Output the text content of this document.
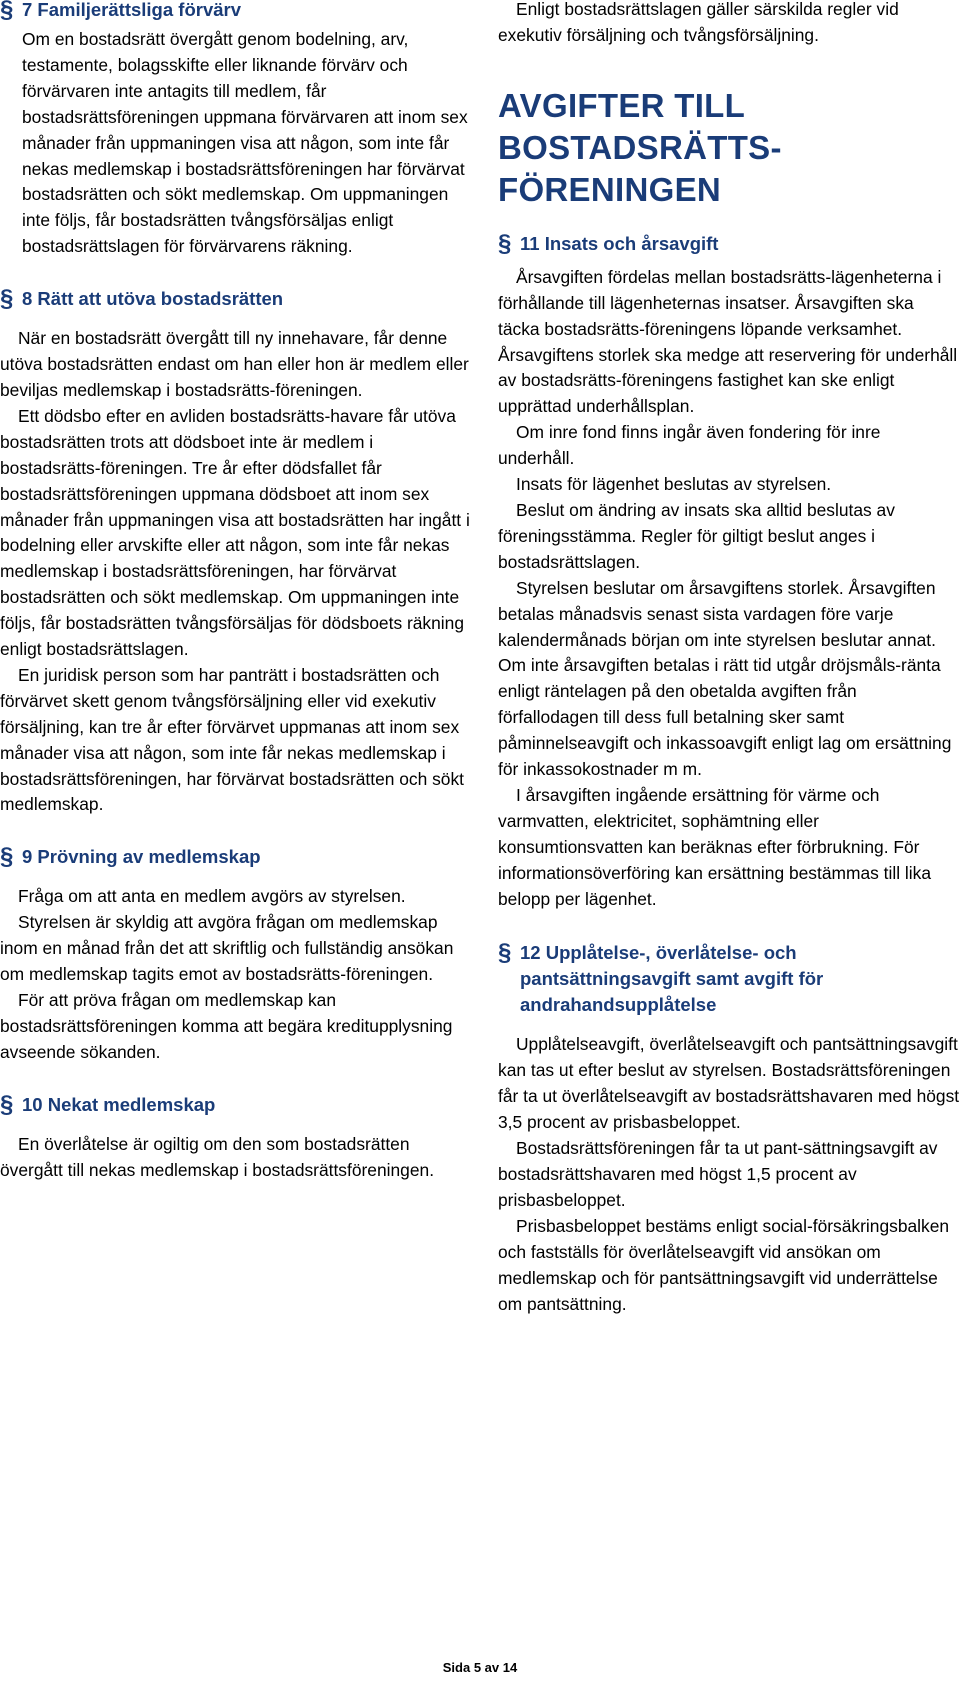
§ 7 Familjerättsliga förvärv

Om en bostadsrätt övergått genom bodelning, arv, testamente, bolagsskifte eller liknande förvärv och förvärvaren inte antagits till medlem, får bostadsrättsföreningen uppmana förvärvaren att inom sex månader från uppmaningen visa att någon, som inte får nekas medlemskap i bostadsrättsföreningen har förvärvat bostadsrätten och sökt medlemskap. Om uppmaningen inte följs, får bostadsrätten tvångsförsäljas enligt bostadsrättslagen för förvärvarens räkning.

§ 8 Rätt att utöva bostadsrätten

När en bostadsrätt övergått till ny innehavare, får denne utöva bostadsrätten endast om han eller hon är medlem eller beviljas medlemskap i bostadsrätts-föreningen.

Ett dödsbo efter en avliden bostadsrätts-havare får utöva bostadsrätten trots att dödsboet inte är medlem i bostadsrätts-föreningen. Tre år efter dödsfallet får bostadsrättsföreningen uppmana dödsboet att inom sex månader från uppmaningen visa att bostadsrätten har ingått i bodelning eller arvskifte eller att någon, som inte får nekas medlemskap i bostadsrättsföreningen, har förvärvat bostadsrätten och sökt medlemskap. Om uppmaningen inte följs, får bostadsrätten tvångsförsäljas för dödsboets räkning enligt bostadsrättslagen.

En juridisk person som har panträtt i bostadsrätten och förvärvet skett genom tvångsförsäljning eller vid exekutiv försäljning, kan tre år efter förvärvet uppmanas att inom sex månader visa att någon, som inte får nekas medlemskap i bostadsrättsföreningen, har förvärvat bostadsrätten och sökt medlemskap.

§ 9 Prövning av medlemskap

Fråga om att anta en medlem avgörs av styrelsen.

Styrelsen är skyldig att avgöra frågan om medlemskap inom en månad från det att skriftlig och fullständig ansökan om medlemskap tagits emot av bostadsrätts-föreningen.

För att pröva frågan om medlemskap kan bostadsrättsföreningen komma att begära kreditupplysning avseende sökanden.

§ 10 Nekat medlemskap

En överlåtelse är ogiltig om den som bostadsrätten övergått till nekas medlemskap i bostadsrättsföreningen.

Enligt bostadsrättslagen gäller särskilda regler vid exekutiv försäljning och tvångsförsäljning.

AVGIFTER TILL BOSTADSRÄTTS-FÖRENINGEN
§ 11 Insats och årsavgift

Årsavgiften fördelas mellan bostadsrätts-lägenheterna i förhållande till lägenheternas insatser. Årsavgiften ska täcka bostadsrätts-föreningens löpande verksamhet.

Årsavgiftens storlek ska medge att reservering för underhåll av bostadsrätts-föreningens fastighet kan ske enligt upprättad underhållsplan.

Om inre fond finns ingår även fondering för inre underhåll.

Insats för lägenhet beslutas av styrelsen.

Beslut om ändring av insats ska alltid beslutas av föreningsstämma. Regler för giltigt beslut anges i bostadsrättslagen.

Styrelsen beslutar om årsavgiftens storlek. Årsavgiften betalas månadsvis senast sista vardagen före varje kalendermånads början om inte styrelsen beslutar annat. Om inte årsavgiften betalas i rätt tid utgår dröjsmåls-ränta enligt räntelagen på den obetalda avgiften från förfallodagen till dess full betalning sker samt påminnelseavgift och inkassoavgift enligt lag om ersättning för inkassokostnader m m.

I årsavgiften ingående ersättning för värme och varmvatten, elektricitet, sophämtning eller konsumtionsvatten kan beräknas efter förbrukning. För informationsöverföring kan ersättning bestämmas till lika belopp per lägenhet.

§ 12 Upplåtelse-, överlåtelse- och pantsättningsavgift samt avgift för andrahandsupplåtelse

Upplåtelseavgift, överlåtelseavgift och pantsättningsavgift kan tas ut efter beslut av styrelsen. Bostadsrättsföreningen får ta ut överlåtelseavgift av bostadsrättshavaren med högst 3,5 procent av prisbasbeloppet.

Bostadsrättsföreningen får ta ut pant-sättningsavgift av bostadsrättshavaren med högst 1,5 procent av prisbasbeloppet.

Prisbasbeloppet bestäms enligt social-försäkringsbalken och fastställs för överlåtelseavgift vid ansökan om medlemskap och för pantsättningsavgift vid underrättelse om pantsättning.

Sida 5 av 14
